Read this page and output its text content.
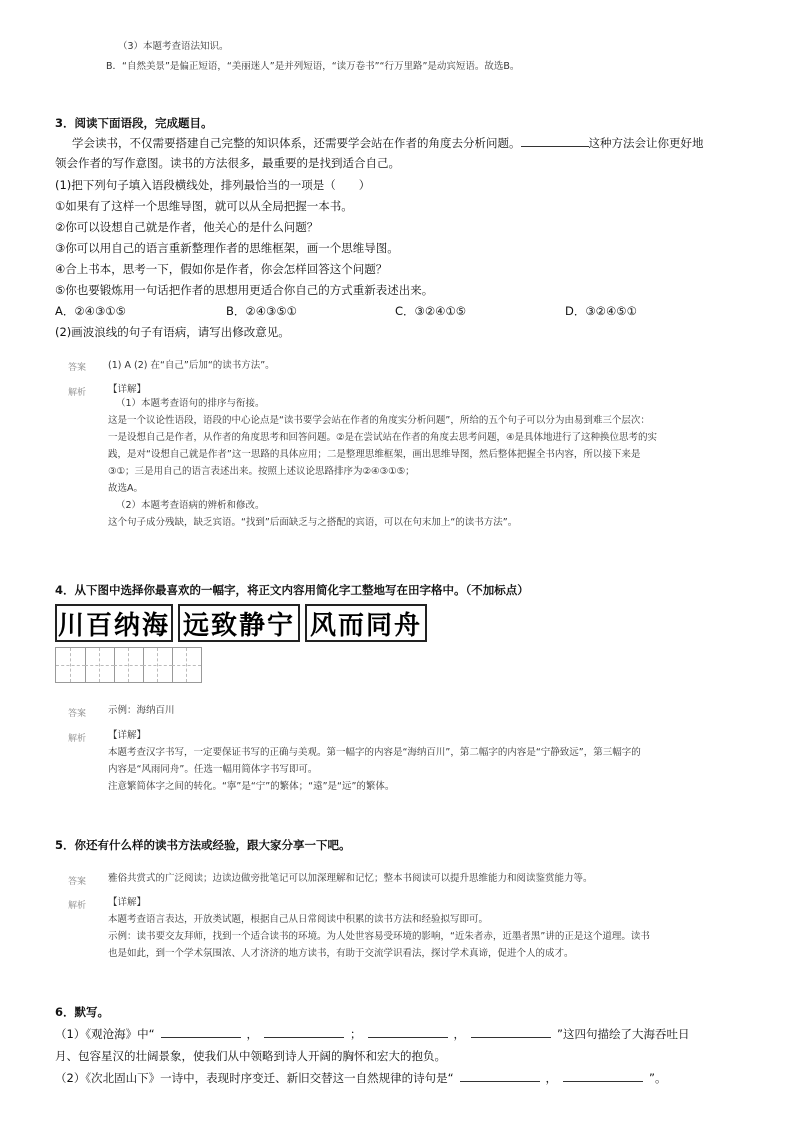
（3）本题考查语法知识。
B．“自然美景”是偏正短语，“美丽迷人”是并列短语，“读万卷书”“行万里路”是动宾短语。故选B。
3．阅读下面语段，完成题目。
学会读书，不仅需要搭建自己完整的知识体系，还需要学会站在作者的角度去分析问题。	这种方法会让你更好地
领会作者的写作意图。读书的方法很多，最重要的是找到适合自己。
(1)把下列句子填入语段横线处，排列最恰当的一项是（　　）
①如果有了这样一个思维导图，就可以从全局把握一本书。
②你可以设想自己就是作者，他关心的是什么问题？
③你可以用自己的语言重新整理作者的思维框架，画一个思维导图。
④合上书本，思考一下，假如你是作者，你会怎样回答这个问题？
⑤你也要锻炼用一句话把作者的思想用更适合你自己的方式重新表述出来。
A．②④③①⑤	B．②④③⑤①	C．③②④①⑤	D．③②④⑤①
(2)画波浪线的句子有语病，请写出修改意见。
答案 (1) A (2) 在“自己”后加“的读书方法”。
解析 【详解】
（1）本题考查语句的排序与衔接。
这是一个议论性语段，语段的中心论点是“读书要学会站在作者的角度实分析问题”，所给的五个句子可以分为由易到难三个层次：
一是设想自己是作者，从作者的角度思考和回答问题。②是在尝试站在作者的角度去思考问题，④是具体地进行了这种换位思考的实
践，是对“设想自己就是作者”这一思路的具体应用；二是整理思维框架，画出思维导图，然后整体把握全书内容，所以接下来是
③①；三是用自己的语言表述出来。按照上述议论思路排序为②④③①⑤；
故选A。
（2）本题考查语病的辨析和修改。
这个句子成分残缺，缺乏宾语。“找到”后面缺乏与之搭配的宾语，可以在句末加上“的读书方法”。
4．从下图中选择你最喜欢的一幅字，将正文内容用简化字工整地写在田字格中。（不加标点）
川百纳海 远致静宁 风而同舟
答案 示例：海纳百川
解析 【详解】
本题考查汉字书写，一定要保证书写的正确与美观。第一幅字的内容是“海纳百川”，第二幅字的内容是“宁静致远”，第三幅字的
内容是“风雨同舟”。任选一幅用简体字书写即可。
注意繁简体字之间的转化。“寧”是“宁”的繁体；“遠”是“远”的繁体。
5．你还有什么样的读书方法或经验，跟大家分享一下吧。
答案 雅俗共赏式的广泛阅读；边读边做旁批笔记可以加深理解和记忆；整本书阅读可以提升思维能力和阅读鉴赏能力等。
解析 【详解】
本题考查语言表达，开放类试题，根据自己从日常阅读中积累的读书方法和经验拟写即可。
示例：读书要交友拜师，找到一个适合读书的环境。为人处世容易受环境的影响，“近朱者赤，近墨者黑”讲的正是这个道理。读书
也是如此，到一个学术氛围浓、人才济济的地方读书，有助于交流学识看法，探讨学术真谛，促进个人的成才。
6．默写。
（1）《观沧海》中“	，	；	，	”这四句描绘了大海吞吐日
月、包容星汉的壮阔景象，使我们从中领略到诗人开阔的胸怀和宏大的抱负。
（2）《次北固山下》一诗中，表现时序变迁、新旧交替这一自然规律的诗句是“	，	”。
